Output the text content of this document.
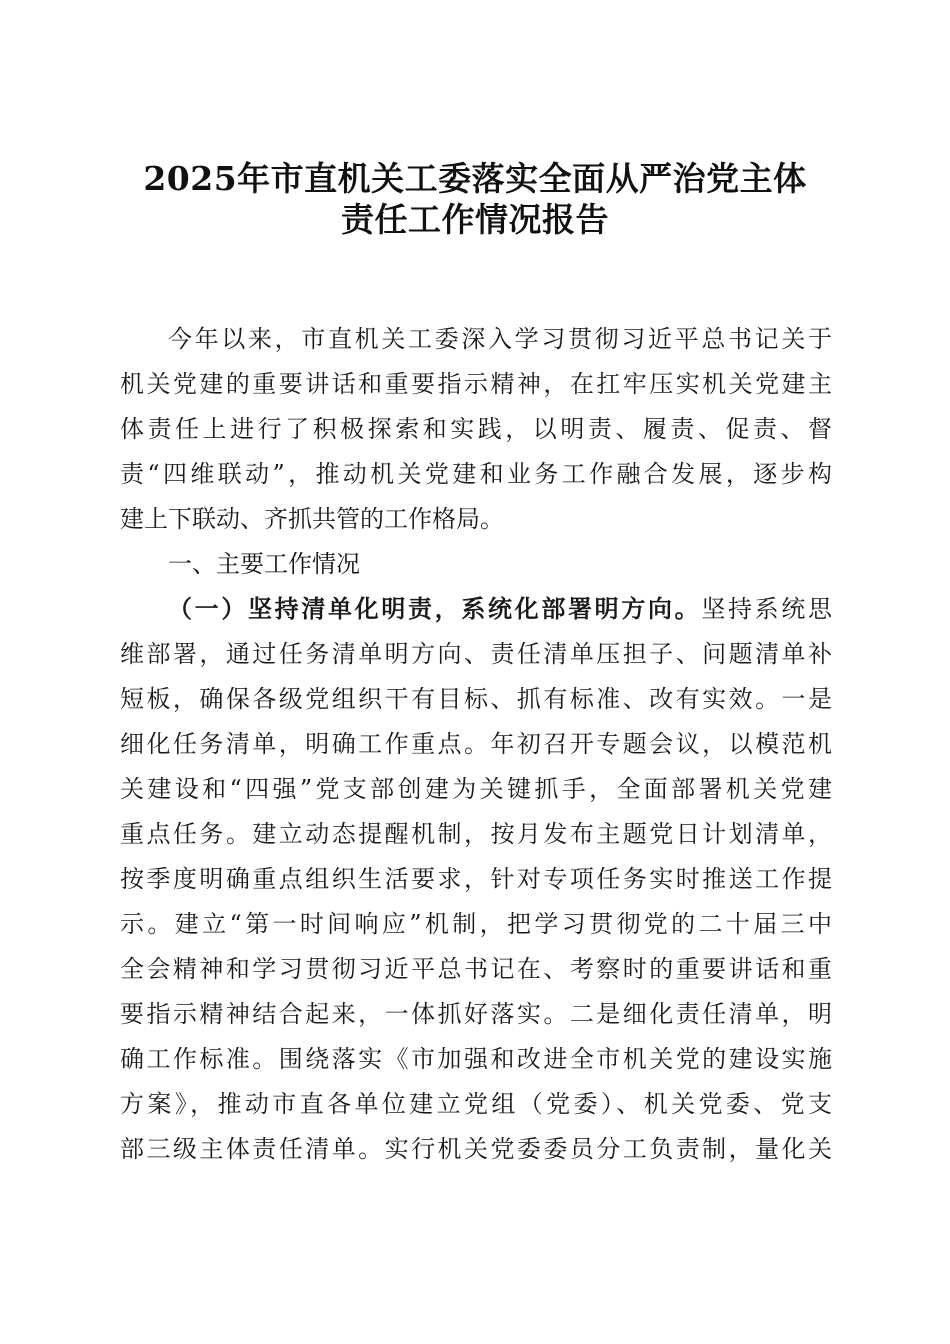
2025年市直机关工委落实全面从严治党主体
责任工作情况报告
今年以来，市直机关工委深入学习贯彻习近平总书记关于
机关党建的重要讲话和重要指示精神，在扛牢压实机关党建主
体责任上进行了积极探索和实践，以明责、履责、促责、督
责“四维联动”，推动机关党建和业务工作融合发展，逐步构
建上下联动、齐抓共管的工作格局。
一、主要工作情况
（一）坚持清单化明责，系统化部署明方向。坚持系统思
维部署，通过任务清单明方向、责任清单压担子、问题清单补
短板，确保各级党组织干有目标、抓有标准、改有实效。一是
细化任务清单，明确工作重点。年初召开专题会议，以模范机
关建设和“四强”党支部创建为关键抓手，全面部署机关党建
重点任务。建立动态提醒机制，按月发布主题党日计划清单，
按季度明确重点组织生活要求，针对专项任务实时推送工作提
示。建立“第一时间响应”机制，把学习贯彻党的二十届三中
全会精神和学习贯彻习近平总书记在、考察时的重要讲话和重
要指示精神结合起来，一体抓好落实。二是细化责任清单，明
确工作标准。围绕落实《市加强和改进全市机关党的建设实施
方案》，推动市直各单位建立党组（党委）、机关党委、党支
部三级主体责任清单。实行机关党委委员分工负责制，量化关
